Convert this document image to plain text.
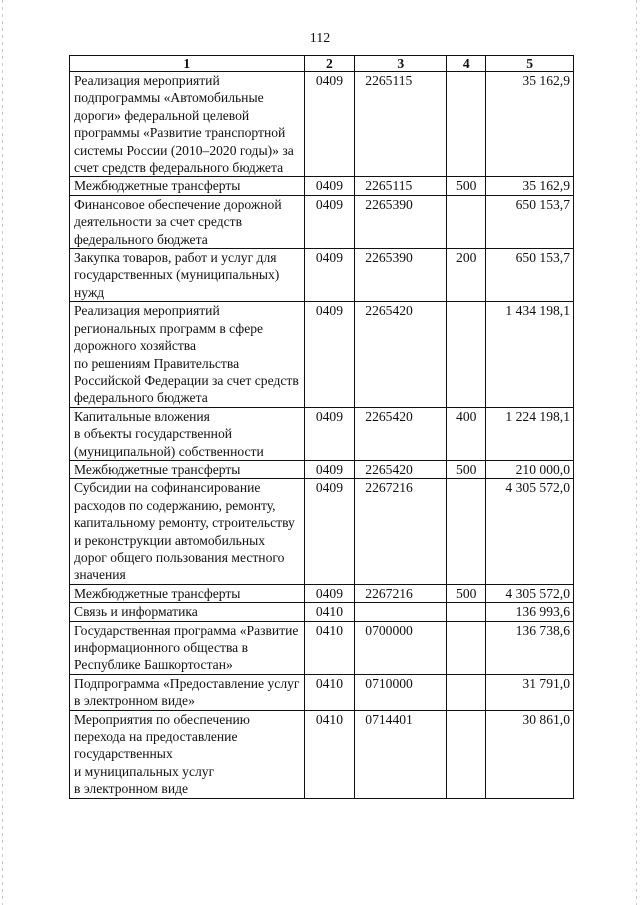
112
1	2	3	4	5
Реализация мероприятий подпрограммы «Автомобильные дороги» федеральной целевой программы «Развитие транспортной системы России (2010–2020 годы)» за счет средств федерального бюджета	0409	2265115		35 162,9
Межбюджетные трансферты	0409	2265115	500	35 162,9
Финансовое обеспечение дорожной деятельности за счет средств федерального бюджета	0409	2265390		650 153,7
Закупка товаров, работ и услуг для государственных (муниципальных) нужд	0409	2265390	200	650 153,7
Реализация мероприятий региональных программ в сфере дорожного хозяйства
по решениям Правительства Российской Федерации за счет средств федерального бюджета	0409	2265420		1 434 198,1
Капитальные вложения
в объекты государственной (муниципальной) собственности	0409	2265420	400	1 224 198,1
Межбюджетные трансферты	0409	2265420	500	210 000,0
Субсидии на софинансирование расходов по содержанию, ремонту, капитальному ремонту, строительству и реконструкции автомобильных дорог общего пользования местного значения	0409	2267216		4 305 572,0
Межбюджетные трансферты	0409	2267216	500	4 305 572,0
Связь и информатика	0410			136 993,6
Государственная программа «Развитие информационного общества в Республике Башкортостан»	0410	0700000		136 738,6
Подпрограмма «Предоставление услуг в электронном виде»	0410	0710000		31 791,0
Мероприятия по обеспечению перехода на предоставление государственных
и муниципальных услуг
в электронном виде	0410	0714401		30 861,0
